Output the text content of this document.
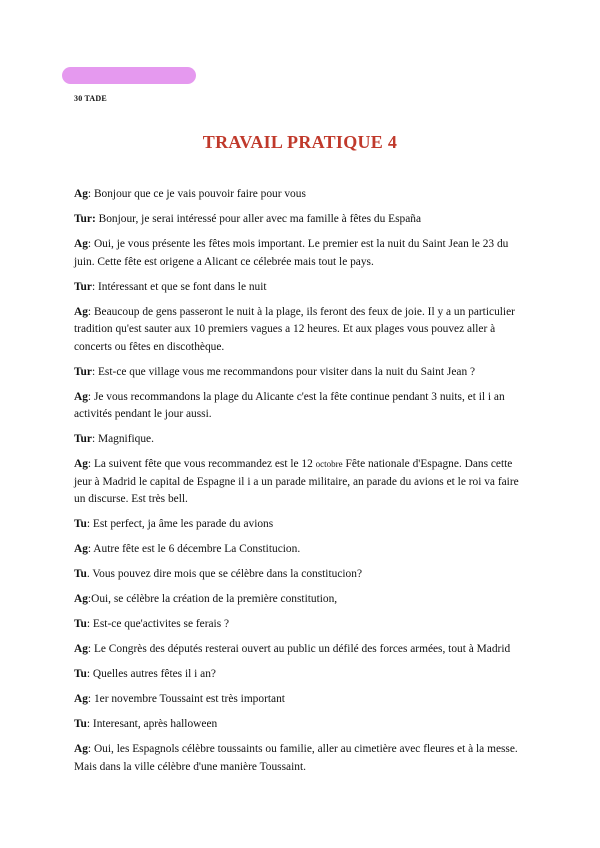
30 TADE
TRAVAIL PRATIQUE 4

Ag: Bonjour que ce je vais pouvoir faire pour vous

Tur: Bonjour, je serai intéressé pour aller avec ma famille à fêtes du España

Ag: Oui, je vous présente les fêtes mois important. Le premier est la nuit du Saint Jean le 23 du juin. Cette fête est origene a Alicant ce célebrée mais tout le pays.

Tur: Intéressant et que se font dans le nuit

Ag: Beaucoup de gens passeront le nuit à la plage, ils feront des feux de joie. Il y a un particulier tradition qu'est sauter aux 10 premiers vagues a 12 heures. Et aux plages vous pouvez aller à concerts ou fêtes en discothèque.

Tur: Est-ce que village vous me recommandons pour visiter dans la nuit du Saint Jean ?

Ag: Je vous recommandons la plage du Alicante c'est la fête continue pendant 3 nuits, et il i an activités pendant le jour aussi.

Tur: Magnifique.

Ag: La suivent fête que vous recommandez est le 12 octobre Fête nationale d'Espagne. Dans cette jeur à Madrid le capital de Espagne il i a un parade militaire, an parade du avions et le roi va faire un discurse. Est très bell.

Tu: Est perfect, ja âme les parade du avions

Ag: Autre fête est le 6 décembre La Constitucion.

Tu. Vous pouvez dire mois que se célèbre dans la constitucion?

Ag:Oui, se célèbre la création de la première constitution,

Tu: Est-ce que'activites se ferais ?

Ag: Le Congrès des députés resterai ouvert au public un défilé des forces armées, tout à Madrid

Tu: Quelles autres fêtes il i an?

Ag: 1er novembre Toussaint est très important

Tu: Interesant, après halloween

Ag: Oui, les Espagnols célèbre toussaints ou familie, aller au cimetière avec fleures et à la messe. Mais dans la ville célèbre d'une manière Toussaint.
